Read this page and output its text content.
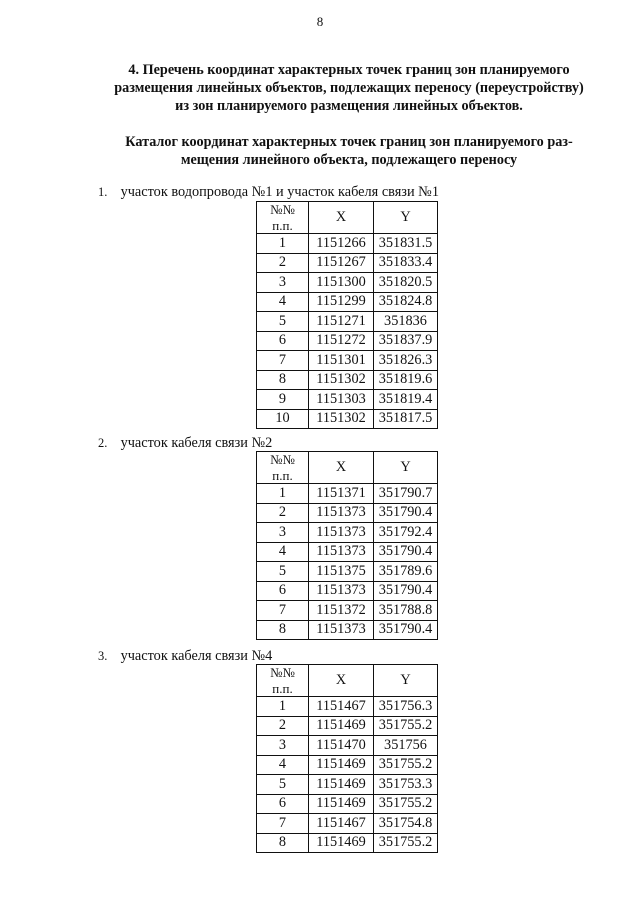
8
4. Перечень координат характерных точек границ зон планируемого
размещения линейных объектов, подлежащих переносу (переустройству)
из зон планируемого размещения линейных объектов.
Каталог координат характерных точек границ зон планируемого раз-
мещения линейного объекта, подлежащего переносу
1. участок водопровода №1 и участок кабеля связи №1
№№
п.п.	X	Y
1	1151266	351831.5
2	1151267	351833.4
3	1151300	351820.5
4	1151299	351824.8
5	1151271	351836
6	1151272	351837.9
7	1151301	351826.3
8	1151302	351819.6
9	1151303	351819.4
10	1151302	351817.5
2. участок кабеля связи №2
№№
п.п.	X	Y
1	1151371	351790.7
2	1151373	351790.4
3	1151373	351792.4
4	1151373	351790.4
5	1151375	351789.6
6	1151373	351790.4
7	1151372	351788.8
8	1151373	351790.4
3. участок кабеля связи №4
№№
п.п.	X	Y
1	1151467	351756.3
2	1151469	351755.2
3	1151470	351756
4	1151469	351755.2
5	1151469	351753.3
6	1151469	351755.2
7	1151467	351754.8
8	1151469	351755.2
